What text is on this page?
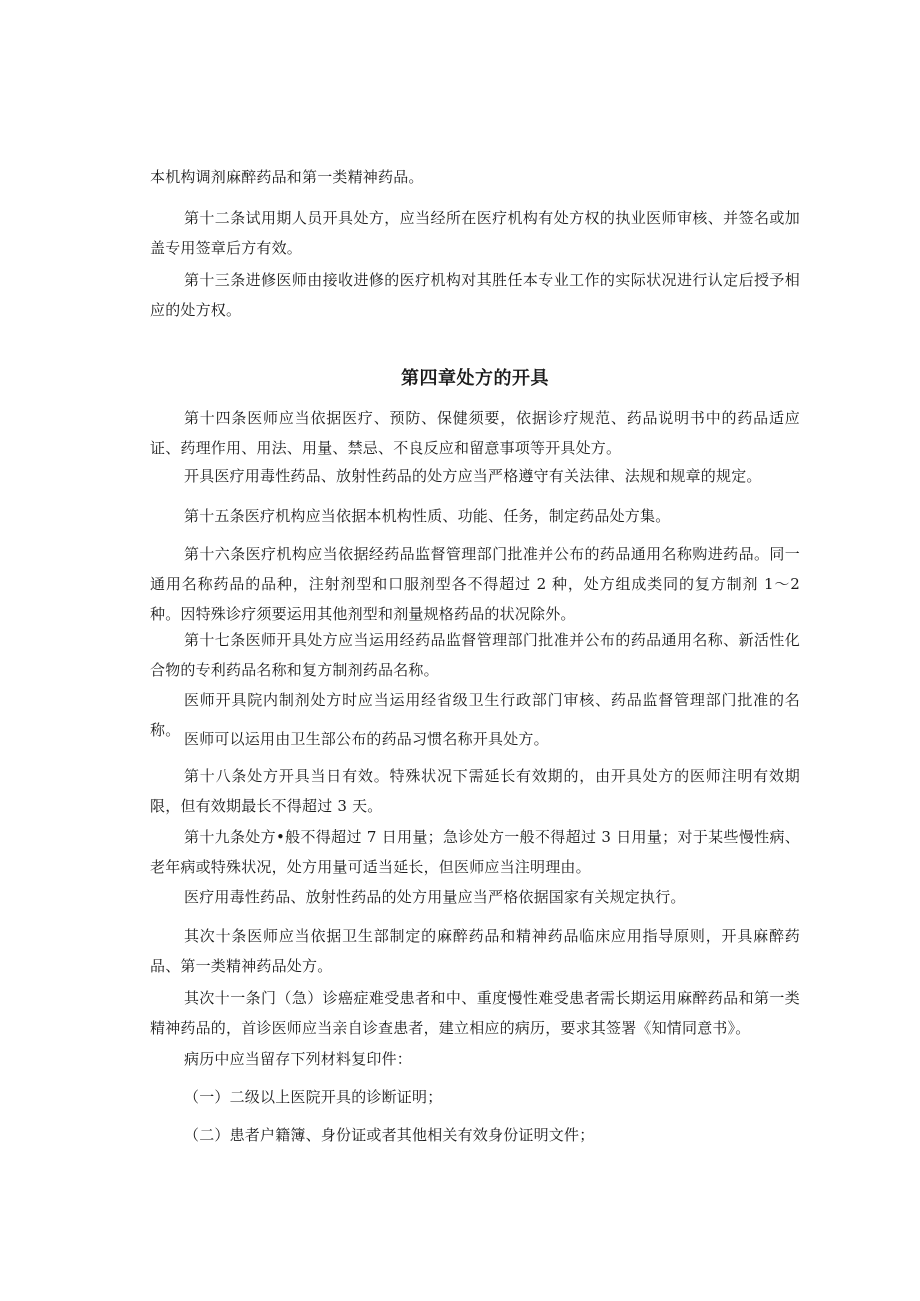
本机构调剂麻醉药品和第一类精神药品。

第十二条试用期人员开具处方，应当经所在医疗机构有处方权的执业医师审核、并签名或加盖专用签章后方有效。

第十三条进修医师由接收进修的医疗机构对其胜任本专业工作的实际状况进行认定后授予相应的处方权。

第四章处方的开具

第十四条医师应当依据医疗、预防、保健须要，依据诊疗规范、药品说明书中的药品适应证、药理作用、用法、用量、禁忌、不良反应和留意事项等开具处方。

开具医疗用毒性药品、放射性药品的处方应当严格遵守有关法律、法规和规章的规定。

第十五条医疗机构应当依据本机构性质、功能、任务，制定药品处方集。

第十六条医疗机构应当依据经药品监督管理部门批准并公布的药品通用名称购进药品。同一通用名称药品的品种，注射剂型和口服剂型各不得超过 2 种，处方组成类同的复方制剂 1～2 种。因特殊诊疗须要运用其他剂型和剂量规格药品的状况除外。

第十七条医师开具处方应当运用经药品监督管理部门批准并公布的药品通用名称、新活性化合物的专利药品名称和复方制剂药品名称。

医师开具院内制剂处方时应当运用经省级卫生行政部门审核、药品监督管理部门批准的名称。 医师可以运用由卫生部公布的药品习惯名称开具处方。

第十八条处方开具当日有效。特殊状况下需延长有效期的，由开具处方的医师注明有效期限，但有效期最长不得超过 3 天。

第十九条处方•般不得超过 7 日用量；急诊处方一般不得超过 3 日用量；对于某些慢性病、老年病或特殊状况，处方用量可适当延长，但医师应当注明理由。

医疗用毒性药品、放射性药品的处方用量应当严格依据国家有关规定执行。

其次十条医师应当依据卫生部制定的麻醉药品和精神药品临床应用指导原则，开具麻醉药品、第一类精神药品处方。

其次十一条门（急）诊癌症难受患者和中、重度慢性难受患者需长期运用麻醉药品和第一类精神药品的，首诊医师应当亲自诊查患者，建立相应的病历，要求其签署《知情同意书》。

病历中应当留存下列材料复印件：

（一）二级以上医院开具的诊断证明；

（二）患者户籍簿、身份证或者其他相关有效身份证明文件；
